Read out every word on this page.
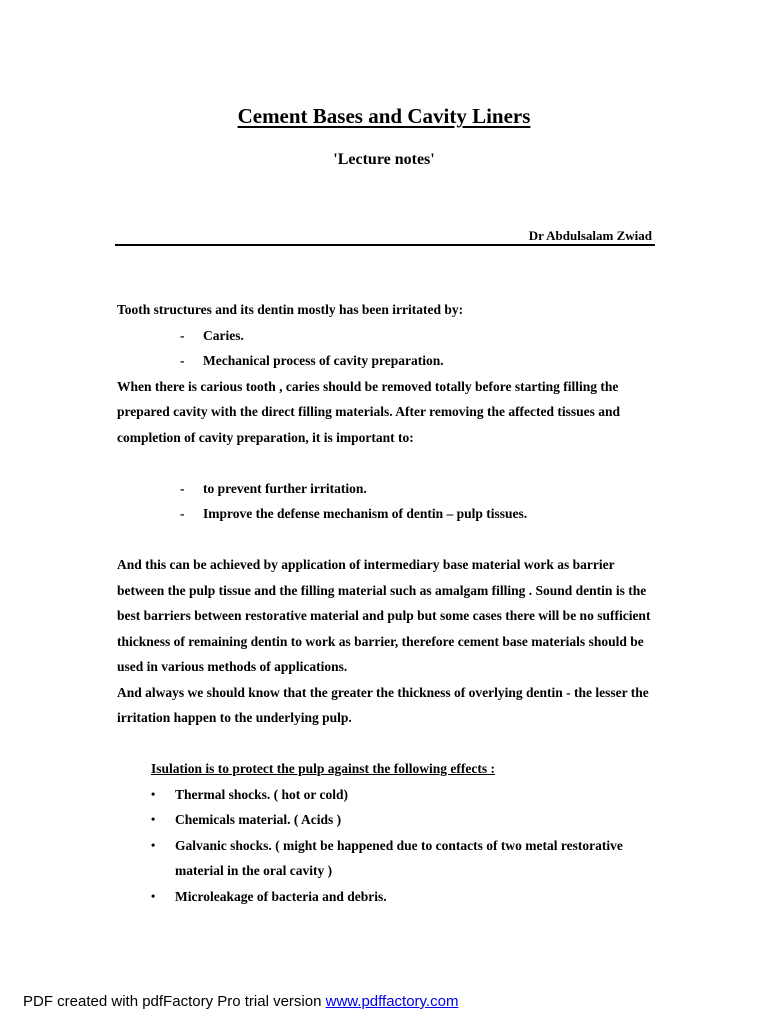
Cement Bases and Cavity Liners
'Lecture notes'
Dr Abdulsalam Zwiad

Tooth structures and its dentin mostly has been irritated by:

- Caries.
- Mechanical process of cavity preparation.

When there is carious tooth , caries should be removed totally before starting filling the prepared cavity with the direct filling materials. After removing the affected tissues and completion of cavity preparation, it is important to:

- to prevent further irritation.
- Improve the defense mechanism of dentin – pulp tissues.

And this can be achieved by application of intermediary base material work as barrier between the pulp tissue and the filling material such as amalgam filling . Sound dentin is the best barriers between restorative material and pulp but some cases there will be no sufficient thickness of remaining dentin to work as barrier, therefore cement base materials should be used in various methods of applications.

And always we should know that the greater the thickness of overlying dentin - the lesser the irritation happen to the underlying pulp.

Isulation is to protect the pulp against the following effects :

• Thermal shocks. ( hot or cold)
• Chemicals material. ( Acids )
• Galvanic shocks. ( might be happened due to contacts of two metal restorative material in the oral cavity )
• Microleakage of bacteria and debris.
PDF created with pdfFactory Pro trial version www.pdffactory.com
